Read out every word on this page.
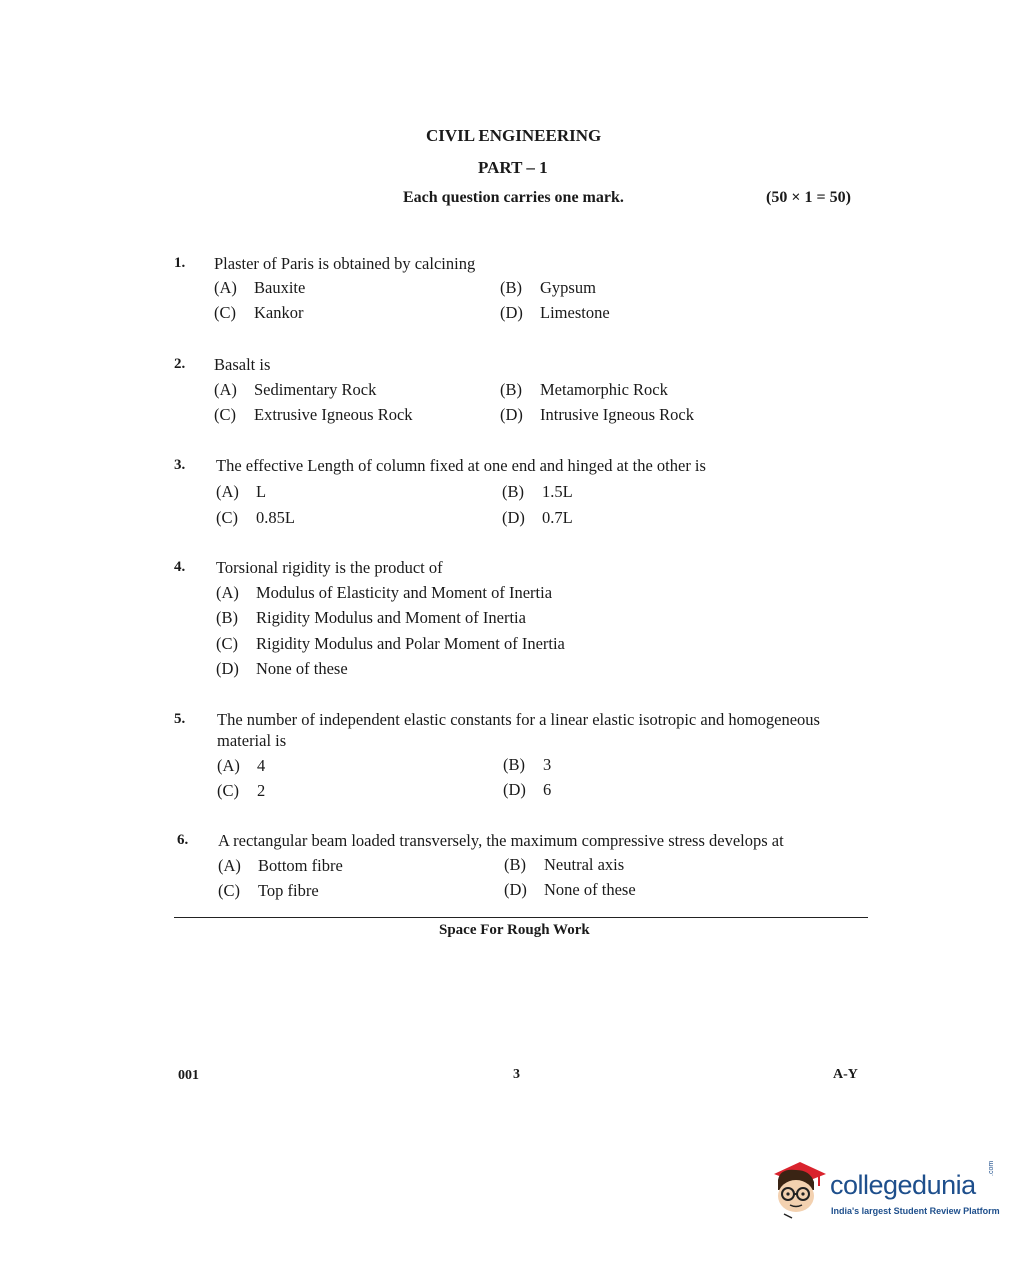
CIVIL ENGINEERING
PART – 1
Each question carries one mark.	(50 × 1 = 50)
1. Plaster of Paris is obtained by calcining
(A) Bauxite	(B) Gypsum
(C) Kankor	(D) Limestone
2. Basalt is
(A) Sedimentary Rock	(B) Metamorphic Rock
(C) Extrusive Igneous Rock	(D) Intrusive Igneous Rock
3. The effective Length of column fixed at one end and hinged at the other is
(A) L	(B) 1.5L
(C) 0.85L	(D) 0.7L
4. Torsional rigidity is the product of
(A) Modulus of Elasticity and Moment of Inertia
(B) Rigidity Modulus and Moment of Inertia
(C) Rigidity Modulus and Polar Moment of Inertia
(D) None of these
5. The number of independent elastic constants for a linear elastic isotropic and homogeneous material is
(A) 4	(B) 3
(C) 2	(D) 6
6. A rectangular beam loaded transversely, the maximum compressive stress develops at
(A) Bottom fibre	(B) Neutral axis
(C) Top fibre	(D) None of these
Space For Rough Work
001	3	A-Y
collegedunia
.com
India's largest Student Review Platform
